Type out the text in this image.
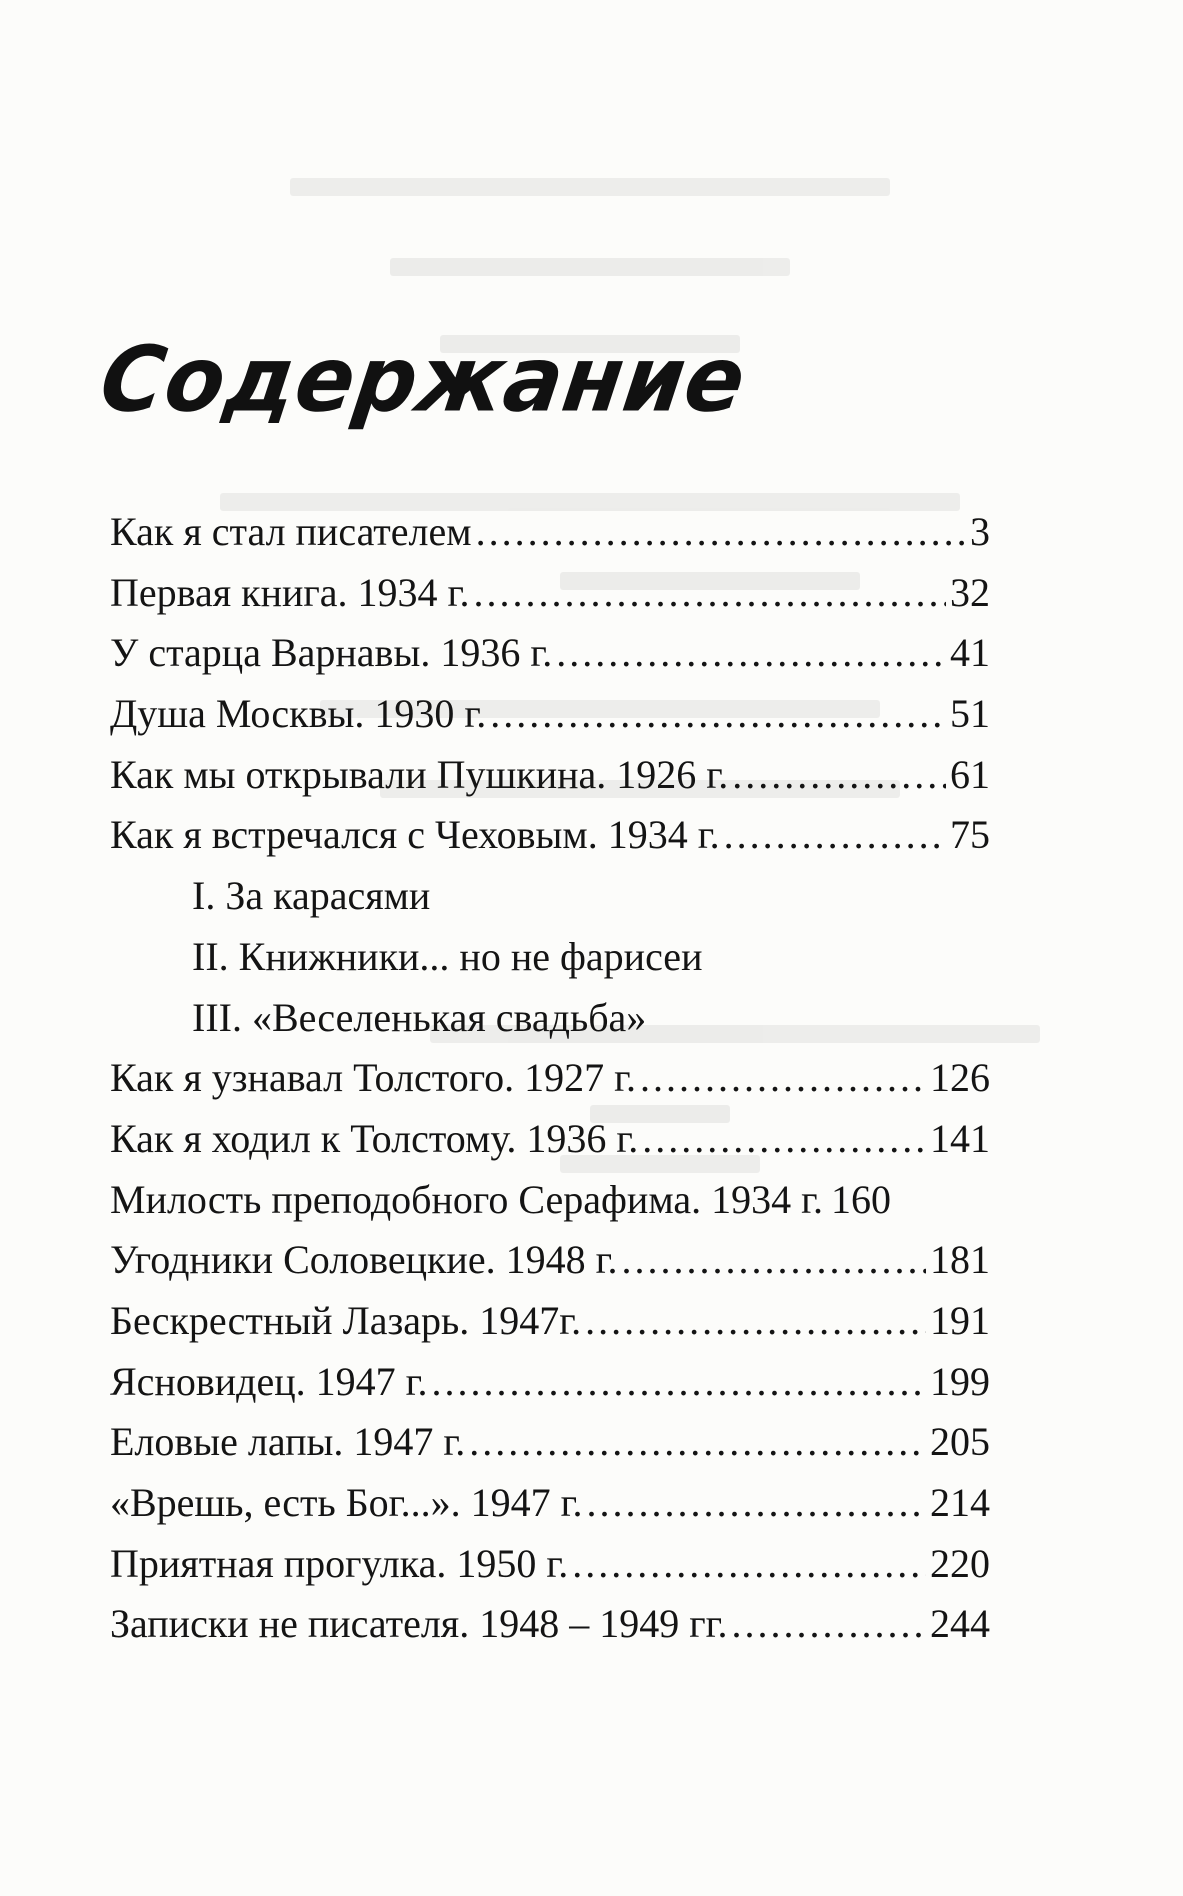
Содержание
Как я стал писателем .....	3
Первая книга. 1934 г. .....	32
У старца Варнавы. 1936 г. .....	41
Душа Москвы. 1930 г. .....	51
Как мы открывали Пушкина. 1926 г. .....	61
Как я встречался с Чеховым. 1934 г. .....	75
I. За карасями
II. Книжники... но не фарисеи
III. «Веселенькая свадьба»
Как я узнавал Толстого. 1927 г. .....	126
Как я ходил к Толстому. 1936 г. .....	141
Милость преподобного Серафима. 1934 г. 160
Угодники Соловецкие. 1948 г. .....	181
Бескрестный Лазарь. 1947г. .....	191
Ясновидец. 1947 г. .....	199
Еловые лапы. 1947 г. .....	205
«Врешь, есть Бог...». 1947 г. .....	214
Приятная прогулка. 1950 г. .....	220
Записки не писателя. 1948 – 1949 гг. .....	244
